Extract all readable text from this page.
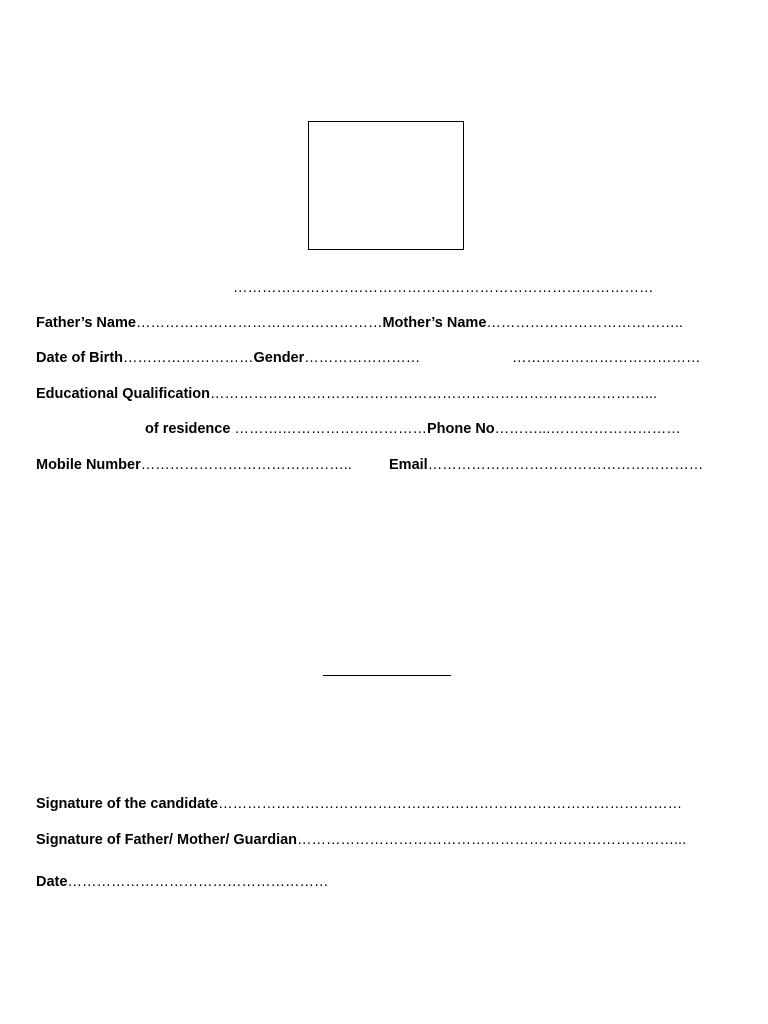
……………………………………………………………………………
Father’s Name……………………………………………Mother’s Name…………………………………..
Date of Birth………………………Gender……………………	…………………………………
Educational Qualification………………………………………………………………………………...
of residence ……….…………………………Phone No………...………………………
Mobile Number……………………………………..	Email…………………………………………………
Signature of the candidate……………………………………………………………………………………
Signature of Father/ Mother/ Guardian……………………………………………………………………...
Date………………………………………………
